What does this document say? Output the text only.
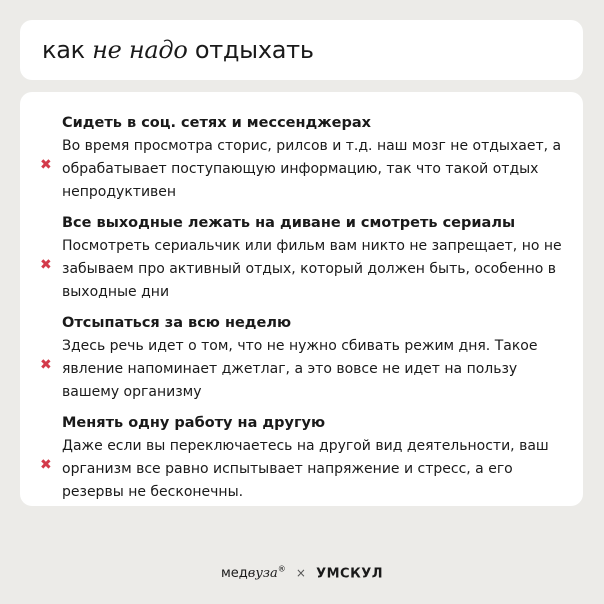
как не надо отдыхать
✖
Сидеть в соц. сетях и мессенджерах
Во время просмотра сторис, рилсов и т.д. наш мозг не отдыхает, а обрабатывает поступающую информацию, так что такой отдых непродуктивен
✖
Все выходные лежать на диване и смотреть сериалы
Посмотреть сериальчик или фильм вам никто не запрещает, но не забываем про активный отдых, который должен быть, особенно в выходные дни
✖
Отсыпаться за всю неделю
Здесь речь идет о том, что не нужно сбивать режим дня. Такое явление напоминает джетлаг, а это вовсе не идет на пользу вашему организму
✖
Менять одну работу на другую
Даже если вы переключаетесь на другой вид деятельности, ваш организм все равно испытывает напряжение и стресс, а его резервы не бесконечны.
медвуза® × УМСКУЛ
